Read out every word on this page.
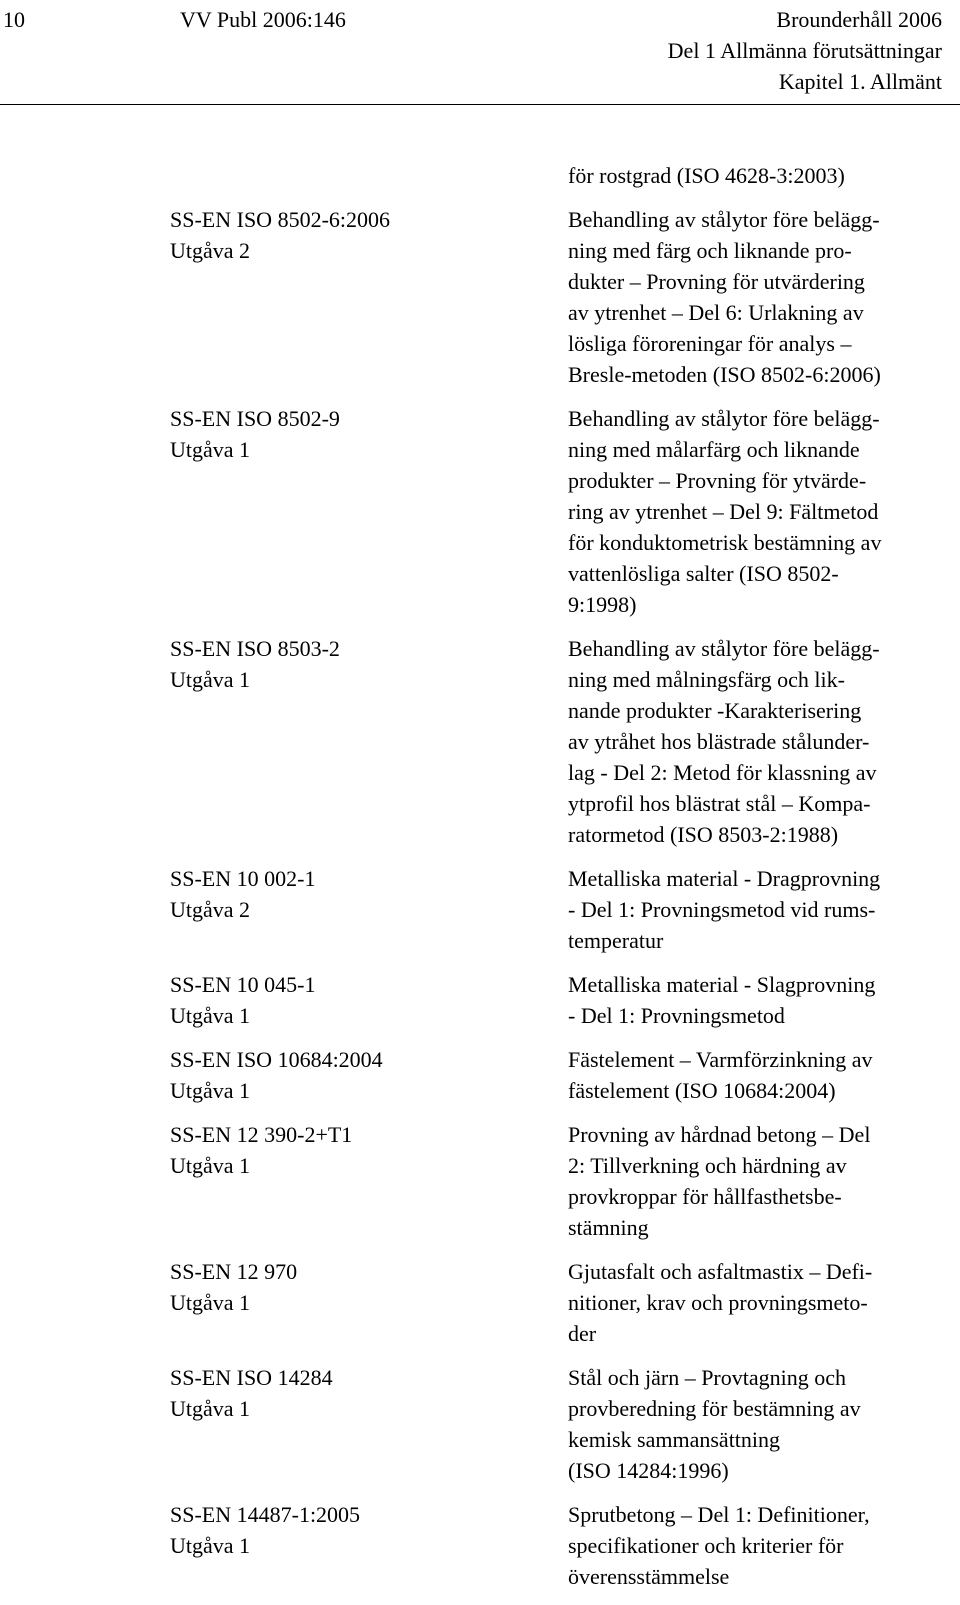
10	VV Publ 2006:146	Brounderhåll 2006
Del 1 Allmänna förutsättningar
Kapitel 1. Allmänt
för rostgrad (ISO 4628-3:2003)
SS-EN ISO 8502-6:2006
Utgåva 2
Behandling av stålytor före belägg-
ning med färg och liknande pro-
dukter – Provning för utvärdering
av ytrenhet – Del 6: Urlakning av
lösliga föroreningar för analys –
Bresle-metoden (ISO 8502-6:2006)
SS-EN ISO 8502-9
Utgåva 1
Behandling av stålytor före belägg-
ning med målarfärg och liknande
produkter – Provning för ytvärde-
ring av ytrenhet – Del 9: Fältmetod
för konduktometrisk bestämning av
vattenlösliga salter (ISO 8502-
9:1998)
SS-EN ISO 8503-2
Utgåva 1
Behandling av stålytor före belägg-
ning med målningsfärg och lik-
nande produkter -Karakterisering
av ytråhet hos blästrade stålunder-
lag - Del 2: Metod för klassning av
ytprofil hos blästrat stål – Kompa-
ratormetod (ISO 8503-2:1988)
SS-EN 10 002-1
Utgåva 2
Metalliska material - Dragprovning
- Del 1: Provningsmetod vid rums-
temperatur
SS-EN 10 045-1
Utgåva 1
Metalliska material - Slagprovning
- Del 1: Provningsmetod
SS-EN ISO 10684:2004
Utgåva 1
Fästelement – Varmförzinkning av
fästelement (ISO 10684:2004)
SS-EN 12 390-2+T1
Utgåva 1
Provning av hårdnad betong – Del
2: Tillverkning och härdning av
provkroppar för hållfasthetsbe-
stämning
SS-EN 12 970
Utgåva 1
Gjutasfalt och asfaltmastix – Defi-
nitioner, krav och provningsmeto-
der
SS-EN ISO 14284
Utgåva 1
Stål och järn – Provtagning och
provberedning för bestämning av
kemisk sammansättning
(ISO 14284:1996)
SS-EN 14487-1:2005
Utgåva 1
Sprutbetong – Del 1: Definitioner,
specifikationer och kriterier för
överensstämmelse
